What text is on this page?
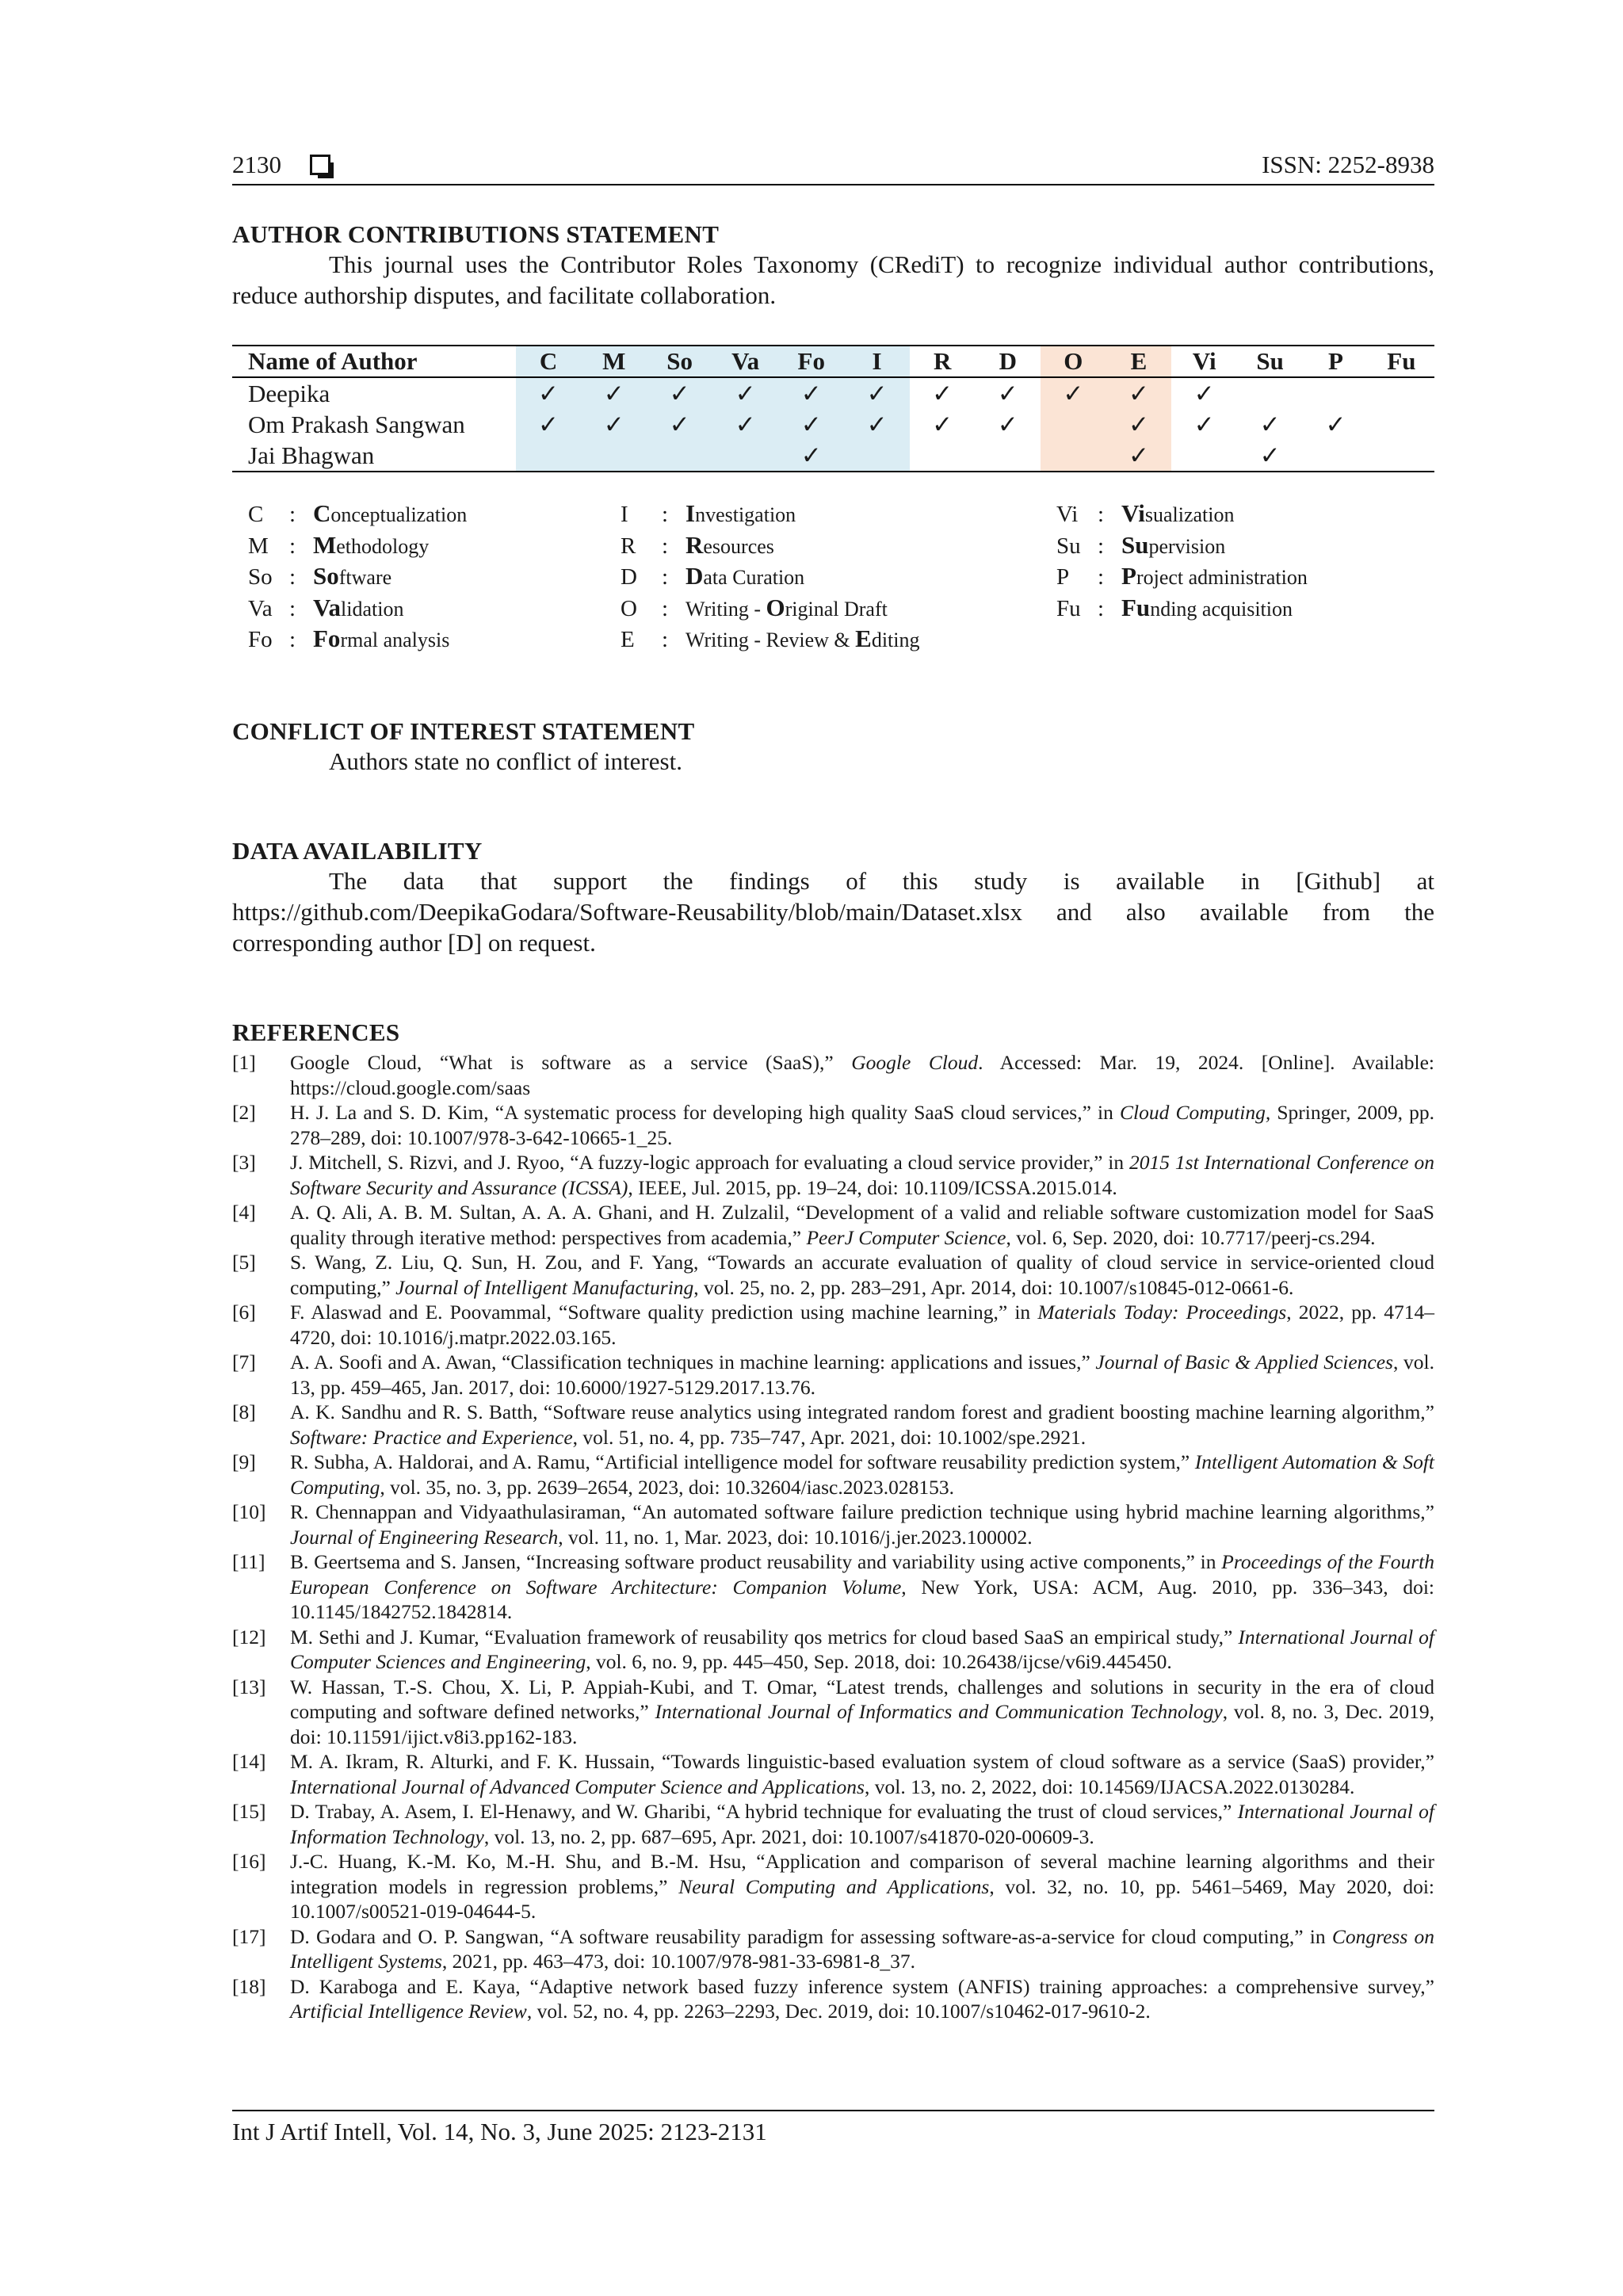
2130	ISSN: 2252-8938
AUTHOR CONTRIBUTIONS STATEMENT

This journal uses the Contributor Roles Taxonomy (CRediT) to recognize individual author contributions, reduce authorship disputes, and facilitate collaboration.

Name of Author	C	M	So	Va	Fo	I	R	D	O	E	Vi	Su	P	Fu
Deepika	✓	✓	✓	✓	✓	✓	✓	✓	✓	✓	✓			
Om Prakash Sangwan	✓	✓	✓	✓	✓	✓	✓	✓		✓	✓	✓	✓	
Jai Bhagwan					✓					✓		✓		
C : Conceptualization
M : Methodology
So : Software
Va : Validation
Fo : Formal analysis
I : Investigation
R : Resources
D : Data Curation
O : Writing - Original Draft
E : Writing - Review & Editing
Vi : Visualization
Su : Supervision
P : Project administration
Fu : Funding acquisition
CONFLICT OF INTEREST STATEMENT

Authors state no conflict of interest.

DATA AVAILABILITY

The data that support the findings of this study is available in [Github] at https://github.com/DeepikaGodara/Software-Reusability/blob/main/Dataset.xlsx and also available from the corresponding author [D] on request.

REFERENCES
[1]	Google Cloud, “What is software as a service (SaaS),” Google Cloud. Accessed: Mar. 19, 2024. [Online]. Available: https://cloud.google.com/saas
[2]	H. J. La and S. D. Kim, “A systematic process for developing high quality SaaS cloud services,” in Cloud Computing, Springer, 2009, pp. 278–289, doi: 10.1007/978-3-642-10665-1_25.
[3]	J. Mitchell, S. Rizvi, and J. Ryoo, “A fuzzy-logic approach for evaluating a cloud service provider,” in 2015 1st International Conference on Software Security and Assurance (ICSSA), IEEE, Jul. 2015, pp. 19–24, doi: 10.1109/ICSSA.2015.014.
[4]	A. Q. Ali, A. B. M. Sultan, A. A. A. Ghani, and H. Zulzalil, “Development of a valid and reliable software customization model for SaaS quality through iterative method: perspectives from academia,” PeerJ Computer Science, vol. 6, Sep. 2020, doi: 10.7717/peerj-cs.294.
[5]	S. Wang, Z. Liu, Q. Sun, H. Zou, and F. Yang, “Towards an accurate evaluation of quality of cloud service in service-oriented cloud computing,” Journal of Intelligent Manufacturing, vol. 25, no. 2, pp. 283–291, Apr. 2014, doi: 10.1007/s10845-012-0661-6.
[6]	F. Alaswad and E. Poovammal, “Software quality prediction using machine learning,” in Materials Today: Proceedings, 2022, pp. 4714–4720, doi: 10.1016/j.matpr.2022.03.165.
[7]	A. A. Soofi and A. Awan, “Classification techniques in machine learning: applications and issues,” Journal of Basic & Applied Sciences, vol. 13, pp. 459–465, Jan. 2017, doi: 10.6000/1927-5129.2017.13.76.
[8]	A. K. Sandhu and R. S. Batth, “Software reuse analytics using integrated random forest and gradient boosting machine learning algorithm,” Software: Practice and Experience, vol. 51, no. 4, pp. 735–747, Apr. 2021, doi: 10.1002/spe.2921.
[9]	R. Subha, A. Haldorai, and A. Ramu, “Artificial intelligence model for software reusability prediction system,” Intelligent Automation & Soft Computing, vol. 35, no. 3, pp. 2639–2654, 2023, doi: 10.32604/iasc.2023.028153.
[10]	R. Chennappan and Vidyaathulasiraman, “An automated software failure prediction technique using hybrid machine learning algorithms,” Journal of Engineering Research, vol. 11, no. 1, Mar. 2023, doi: 10.1016/j.jer.2023.100002.
[11]	B. Geertsema and S. Jansen, “Increasing software product reusability and variability using active components,” in Proceedings of the Fourth European Conference on Software Architecture: Companion Volume, New York, USA: ACM, Aug. 2010, pp. 336–343, doi: 10.1145/1842752.1842814.
[12]	M. Sethi and J. Kumar, “Evaluation framework of reusability qos metrics for cloud based SaaS an empirical study,” International Journal of Computer Sciences and Engineering, vol. 6, no. 9, pp. 445–450, Sep. 2018, doi: 10.26438/ijcse/v6i9.445450.
[13]	W. Hassan, T.-S. Chou, X. Li, P. Appiah-Kubi, and T. Omar, “Latest trends, challenges and solutions in security in the era of cloud computing and software defined networks,” International Journal of Informatics and Communication Technology, vol. 8, no. 3, Dec. 2019, doi: 10.11591/ijict.v8i3.pp162-183.
[14]	M. A. Ikram, R. Alturki, and F. K. Hussain, “Towards linguistic-based evaluation system of cloud software as a service (SaaS) provider,” International Journal of Advanced Computer Science and Applications, vol. 13, no. 2, 2022, doi: 10.14569/IJACSA.2022.0130284.
[15]	D. Trabay, A. Asem, I. El-Henawy, and W. Gharibi, “A hybrid technique for evaluating the trust of cloud services,” International Journal of Information Technology, vol. 13, no. 2, pp. 687–695, Apr. 2021, doi: 10.1007/s41870-020-00609-3.
[16]	J.-C. Huang, K.-M. Ko, M.-H. Shu, and B.-M. Hsu, “Application and comparison of several machine learning algorithms and their integration models in regression problems,” Neural Computing and Applications, vol. 32, no. 10, pp. 5461–5469, May 2020, doi: 10.1007/s00521-019-04644-5.
[17]	D. Godara and O. P. Sangwan, “A software reusability paradigm for assessing software-as-a-service for cloud computing,” in Congress on Intelligent Systems, 2021, pp. 463–473, doi: 10.1007/978-981-33-6981-8_37.
[18]	D. Karaboga and E. Kaya, “Adaptive network based fuzzy inference system (ANFIS) training approaches: a comprehensive survey,” Artificial Intelligence Review, vol. 52, no. 4, pp. 2263–2293, Dec. 2019, doi: 10.1007/s10462-017-9610-2.
Int J Artif Intell, Vol. 14, No. 3, June 2025: 2123-2131
